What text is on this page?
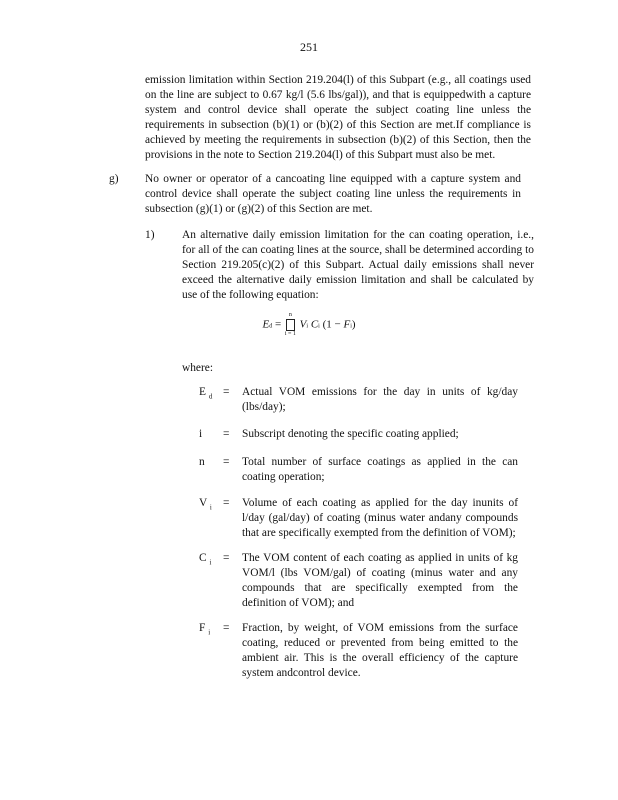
251
emission limitation within Section 219.204(l) of this Subpart (e.g., all coatings used on the line are subject to 0.67 kg/l (5.6 lbs/gal)), and that is equippedwith a capture system and control device shall operate the subject coating line unless the requirements in subsection (b)(1) or (b)(2) of this Section are met.If compliance is achieved by meeting the requirements in subsection (b)(2) of this Section, then the provisions in the note to Section 219.204(l) of this Subpart must also be met.
g) No owner or operator of a cancoating line equipped with a capture system and control device shall operate the subject coating line unless the requirements in subsection (g)(1) or (g)(2) of this Section are met.
1) An alternative daily emission limitation for the can coating operation, i.e., for all of the can coating lines at the source, shall be determined according to Section 219.205(c)(2) of this Subpart. Actual daily emissions shall never exceed the alternative daily emission limitation and shall be calculated by use of the following equation:
Ed =
n
i = 1
Vi Ci (1 − Fi)
where:
E $_d$ = Actual VOM emissions for the day in units of kg/day (lbs/day);
i	= Subscript denoting the specific coating applied;
n	= Total number of surface coatings as applied in the can coating operation;
V $_i$ = Volume of each coating as applied for the day inunits of l/day (gal/day) of coating (minus water andany compounds that are specifically exempted from the definition of VOM);
C $_i$	= The VOM content of each coating as applied in units of kg VOM/l (lbs VOM/gal) of coating (minus water and any compounds that are specifically exempted from the definition of VOM); and
F $_i$	= Fraction, by weight, of VOM emissions from the surface coating, reduced or prevented from being emitted to the ambient air. This is the overall efficiency of the capture system andcontrol device.
